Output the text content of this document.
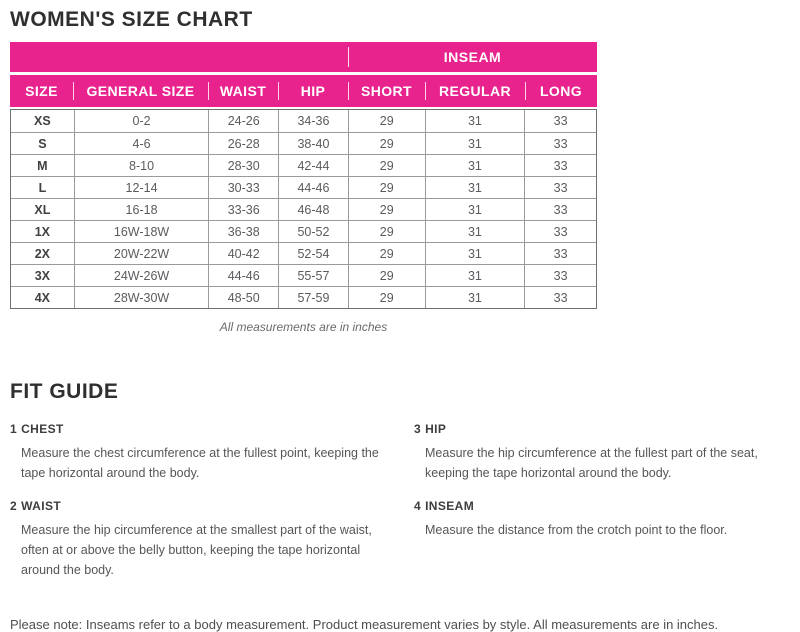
WOMEN'S SIZE CHART
INSEAM
SIZE	GENERAL SIZE	WAIST	HIP	SHORT	REGULAR	LONG
XS	0-2	24-26	34-36	29	31	33
S	4-6	26-28	38-40	29	31	33
M	8-10	28-30	42-44	29	31	33
L	12-14	30-33	44-46	29	31	33
XL	16-18	33-36	46-48	29	31	33
1X	16W-18W	36-38	50-52	29	31	33
2X	20W-22W	40-42	52-54	29	31	33
3X	24W-26W	44-46	55-57	29	31	33
4X	28W-30W	48-50	57-59	29	31	33
All measurements are in inches
FIT GUIDE
1 CHEST
Measure the chest circumference at the fullest point, keeping the tape horizontal around the body.
2 WAIST
Measure the hip circumference at the smallest part of the waist, often at or above the belly button, keeping the tape horizontal around the body.
3 HIP
Measure the hip circumference at the fullest part of the seat, keeping the tape horizontal around the body.
4 INSEAM
Measure the distance from the crotch point to the floor.
Please note: Inseams refer to a body measurement. Product measurement varies by style. All measurements are in inches.
